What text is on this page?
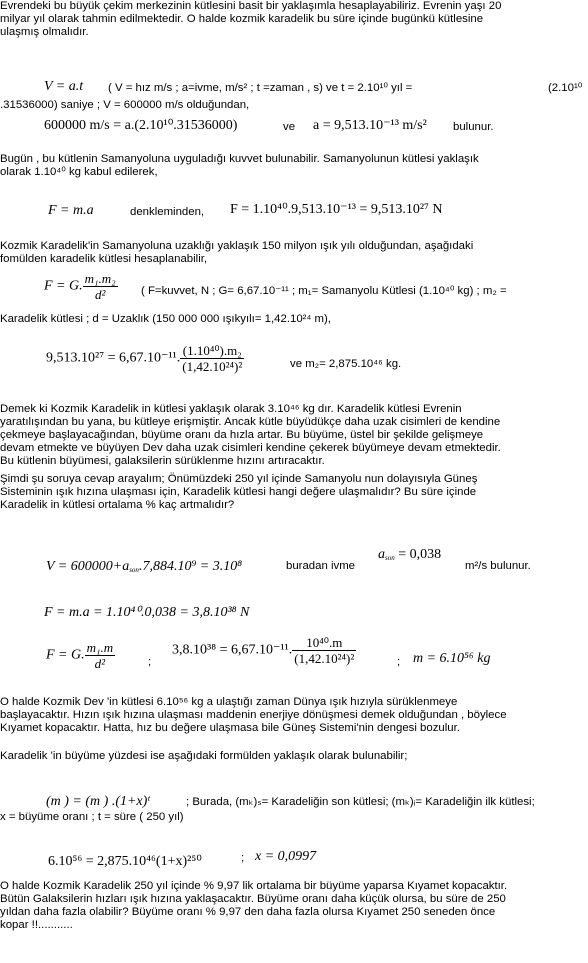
Evrendeki bu büyük çekim merkezinin kütlesini basit bir yaklaşımla hesaplayabiliriz. Evrenin yaşı 20
milyar yıl olarak tahmin edilmektedir. O halde kozmik karadelik bu süre içinde bugünkü kütlesine
ulaşmış olmalıdır.
V = a.t ( V = hız m/s ; a=ivme, m/s² ; t =zaman , s) ve t = 2.10¹⁰ yıl =	(2.10¹⁰
.31536000) saniye ; V = 600000 m/s olduğundan,
600000 m/s = a.(2.10¹⁰.31536000)	ve a = 9,513.10⁻¹³ m/s² bulunur.
Bugün , bu kütlenin Samanyoluna uyguladığı kuvvet bulunabilir. Samanyolunun kütlesi yaklaşık
olarak 1.10⁴⁰ kg kabul edilerek,
F = m.a	denkleminden, F = 1.10⁴⁰.9,513.10⁻¹³ = 9,513.10²⁷ N
Kozmik Karadelik'in Samanyoluna uzaklığı yaklaşık 150 milyon ışık yılı olduğundan, aşağıdaki
fomülden karadelik kütlesi hesaplanabilir,
F = G. $\frac{\text{m₁.m₂}}{\text{d²}}$ ( F=kuvvet, N ; G= 6,67.10⁻¹¹ ; m₁= Samanyolu Kütlesi (1.10⁴⁰ kg) ; m₂ =
Karadelik kütlesi ; d = Uzaklık (150 000 000 ışıkyılı= 1,42.10²⁴ m),
9,513.10²⁷ = 6,67.10⁻¹¹. $\frac{\text{(1.10⁴⁰).m₂}}{\text{(1,42.10²⁴)²}}$	ve m₂= 2,875.10⁴⁶ kg.
Demek ki Kozmik Karadelik in kütlesi yaklaşık olarak 3.10⁴⁶ kg dır. Karadelik kütlesi Evrenin
yaratılışından bu yana, bu kütleye erişmiştir. Ancak kütle büyüdükçe daha uzak cisimleri de kendine
çekmeye başlayacağından, büyüme oranı da hızla artar. Bu büyüme, üstel bir şekilde gelişmeye
devam etmekte ve büyüyen Dev daha uzak cisimleri kendine çekerek büyümeye devam etmektedir.
Bu kütlenin büyümesi, galaksilerin sürüklenme hızını artıracaktır.
Şimdi şu soruya cevap arayalım; Önümüzdeki 250 yıl içinde Samanyolu nun dolayısıyla Güneş
Sisteminin ışık hızına ulaşması için, Karadelik kütlesi hangi değere ulaşmalıdır? Bu süre içinde
Karadelik in kütlesi ortalama % kaç artmalıdır?
$V = 600000+a_{son}.7,884.10^9 = 3.10^8$	buradan ivme
$a_{son} = 0,038$
m²/s bulunur.
F = m.a = 1.10⁴⁰.0,038 = 3,8.10³⁸ N
F = G. $\frac{\text{m₁.m}}{\text{d²}}$	;
3,8.10³⁸ = 6,67.10⁻¹¹. $\frac{\text{10⁴⁰.m}}{\text{(1,42.10²⁴)²}}$	; m = 6.10⁵⁶ kg
O halde Kozmik Dev 'in kütlesi 6.10⁵⁶ kg a ulaştığı zaman Dünya ışık hızıyla sürüklenmeye
başlayacaktır. Hızın ışık hızına ulaşması maddenin enerjiye dönüşmesi demek olduğundan , böylece
Kıyamet kopacaktır. Hatta, hız bu değere ulaşmasa bile Güneş Sistemi'nin dengesi bozulur.
Karadelik 'in büyüme yüzdesi ise aşağıdaki formülden yaklaşık olarak bulunabilir;
(m ) = (m ) .(1+x)ᵗ	; Burada, (mₖ)ₛ= Karadeliğin son kütlesi; (mₖ)ᵢ= Karadeliğin ilk kütlesi;
x = büyüme oranı ; t = süre ( 250 yıl)
6.10⁵⁶ = 2,875.10⁴⁶(1+x)²⁵⁰	; x = 0,0997
O halde Kozmik Karadelik 250 yıl içinde % 9,97 lik ortalama bir büyüme yaparsa Kıyamet kopacaktır.
Bütün Galaksilerin hızları ışık hızına yaklaşacaktır. Büyüme oranı daha küçük olursa, bu süre de 250
yıldan daha fazla olabilir? Büyüme oranı % 9,97 den daha fazla olursa Kıyamet 250 seneden önce
kopar !!...........
